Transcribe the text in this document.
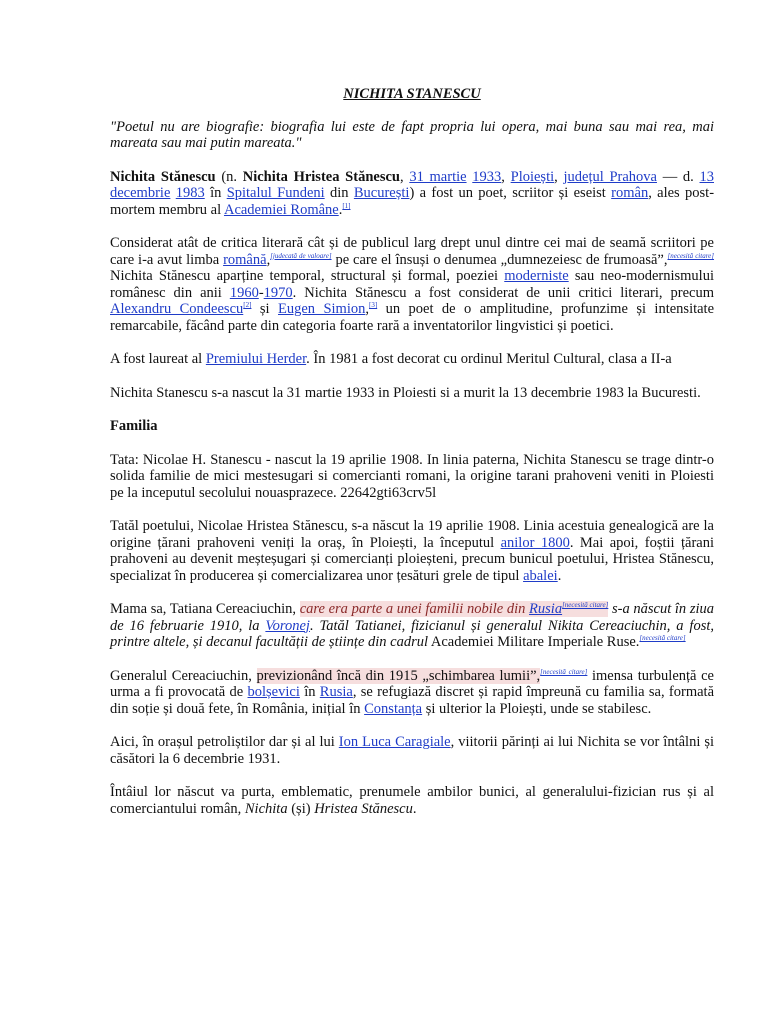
NICHITA STANESCU

"Poetul nu are biografie: biografia lui este de fapt propria lui opera, mai buna sau mai rea, mai mareata sau mai putin mareata."

Nichita Stănescu (n. Nichita Hristea Stănescu, 31 martie 1933, Ploiești, județul Prahova — d. 13 decembrie 1983 în Spitalul Fundeni din București) a fost un poet, scriitor și eseist român, ales post-mortem membru al Academiei Române.[1]

Considerat atât de critica literară cât și de publicul larg drept unul dintre cei mai de seamă scriitori pe care i-a avut limba română,[judecată de valoare] pe care el însuși o denumea „dumnezeiesc de frumoasă”,[necesită citare] Nichita Stănescu aparține temporal, structural și formal, poeziei moderniste sau neo-modernismului românesc din anii 1960-1970. Nichita Stănescu a fost considerat de unii critici literari, precum Alexandru Condeescu[2] și Eugen Simion,[3] un poet de o amplitudine, profunzime și intensitate remarcabile, făcând parte din categoria foarte rară a inventatorilor lingvistici și poetici.

A fost laureat al Premiului Herder. În 1981 a fost decorat cu ordinul Meritul Cultural, clasa a II-a

Nichita Stanescu s-a nascut la 31 martie 1933 in Ploiesti si a murit la 13 decembrie 1983 la Bucuresti.

Familia

Tata: Nicolae H. Stanescu - nascut la 19 aprilie 1908. In linia paterna, Nichita Stanescu se trage dintr-o solida familie de mici mestesugari si comercianti romani, la origine tarani prahoveni veniti in Ploiesti pe la inceputul secolului nouasprazece. 22642gti63crv5l

Tatăl poetului, Nicolae Hristea Stănescu, s-a născut la 19 aprilie 1908. Linia acestuia genealogică are la origine țărani prahoveni veniți la oraș, în Ploiești, la începutul anilor 1800. Mai apoi, foștii țărani prahoveni au devenit meșteșugari și comercianți ploieșteni, precum bunicul poetului, Hristea Stănescu, specializat în producerea și comercializarea unor țesături grele de tipul abalei.

Mama sa, Tatiana Cereaciuchin, care era parte a unei familii nobile din Rusia[necesită citare] s-a născut în ziua de 16 februarie 1910, la Voronej. Tatăl Tatianei, fizicianul și generalul Nikita Cereaciuchin, a fost, printre altele, și decanul facultății de științe din cadrul Academiei Militare Imperiale Ruse.[necesită citare]

Generalul Cereaciuchin, previzionând încă din 1915 „schimbarea lumii”,[necesită citare] imensa turbulență ce urma a fi provocată de bolșevici în Rusia, se refugiază discret și rapid împreună cu familia sa, formată din soție și două fete, în România, inițial în Constanța și ulterior la Ploiești, unde se stabilesc.

Aici, în orașul petroliștilor dar și al lui Ion Luca Caragiale, viitorii părinți ai lui Nichita se vor întâlni și căsători la 6 decembrie 1931.

Întâiul lor născut va purta, emblematic, prenumele ambilor bunici, al generalului-fizician rus și al comerciantului român, Nichita (și) Hristea Stănescu.
